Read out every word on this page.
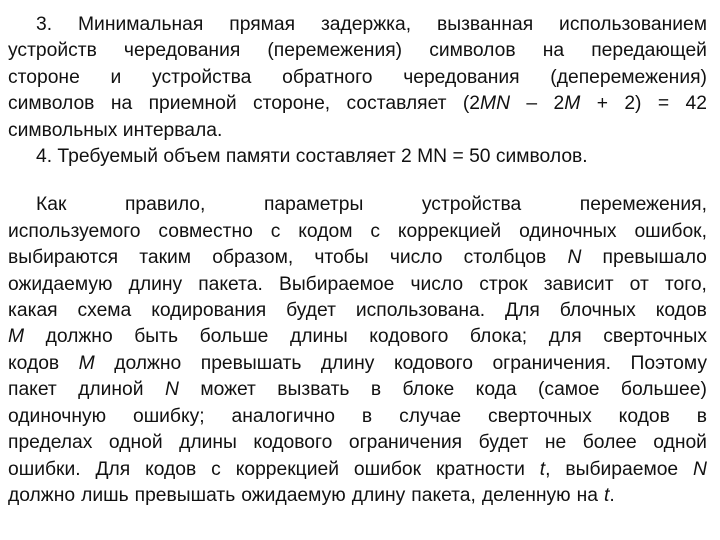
3. Минимальная прямая задержка, вызванная использованием
устройств чередования (перемежения) символов на передающей
стороне и устройства обратного чередования (деперемежения)
символов на приемной стороне, составляет (2MN – 2M + 2) = 42
символьных интервала.
4. Требуемый объем памяти составляет 2 MN = 50 символов.
Как	правило,	параметры	устройства	перемежения,
используемого совместно с кодом с коррекцией одиночных ошибок,
выбираются таким образом, чтобы число столбцов N превышало
ожидаемую длину пакета. Выбираемое число строк зависит от того,
какая схема кодирования будет использована. Для блочных кодов
M должно быть больше длины кодового блока; для сверточных
кодов M должно превышать длину кодового ограничения. Поэтому
пакет длиной N может вызвать в блоке кода (самое большее)
одиночную ошибку; аналогично в случае сверточных кодов в
пределах одной длины кодового ограничения будет не более одной
ошибки. Для кодов с коррекцией ошибок кратности t, выбираемое N
должно лишь превышать ожидаемую длину пакета, деленную на t.
